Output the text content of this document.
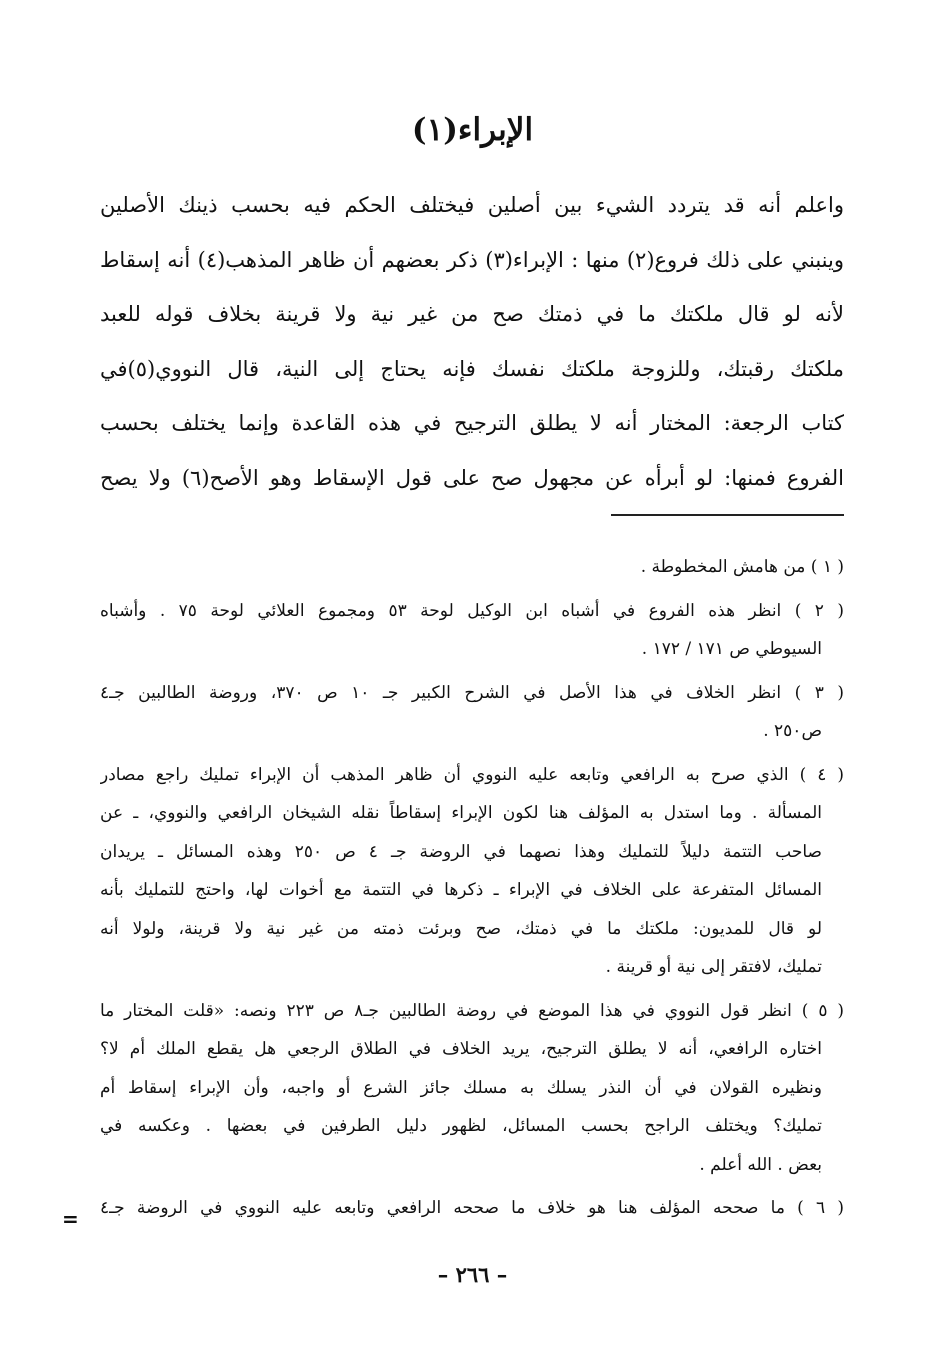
الإبراء(١)
واعلم أنه قد يتردد الشيء بين أصلين فيختلف الحكم فيه بحسب ذينك الأصلين
وينبني على ذلك فروع(٢) منها : الإبراء(٣) ذكر بعضهم أن ظاهر المذهب(٤) أنه إسقاط
لأنه لو قال ملكتك ما في ذمتك صح من غير نية ولا قرينة بخلاف قوله للعبد
ملكتك رقبتك، وللزوجة ملكتك نفسك فإنه يحتاج إلى النية، قال النووي(٥)في
كتاب الرجعة: المختار أنه لا يطلق الترجيح في هذه القاعدة وإنما يختلف بحسب
الفروع فمنها: لو أبرأه عن مجهول صح على قول الإسقاط وهو الأصح(٦) ولا يصح
( ١ ) من هامش المخطوطة .
( ٢ ) انظر هذه الفروع في أشباه ابن الوكيل لوحة ٥٣ ومجموع العلائي لوحة ٧٥ . وأشباه
السيوطي ص ١٧١ / ١٧٢ .
( ٣ ) انظر الخلاف في هذا الأصل في الشرح الكبير جـ ١٠ ص ٣٧٠، وروضة الطالبين جـ٤
ص٢٥٠ .
( ٤ ) الذي صرح به الرافعي وتابعه عليه النووي أن ظاهر المذهب أن الإبراء تمليك راجع مصادر
المسألة . وما استدل به المؤلف هنا لكون الإبراء إسقاطاً نقله الشيخان الرافعي والنووي، ـ عن
صاحب التتمة دليلاً للتمليك وهذا نصهما في الروضة جـ ٤ ص ٢٥٠ وهذه المسائل ـ يريدان
المسائل المتفرعة على الخلاف في الإبراء ـ ذكرها في التتمة مع أخوات لها، واحتج للتمليك بأنه
لو قال للمديون: ملكتك ما في ذمتك، صح وبرئت ذمته من غير نية ولا قرينة، ولولا أنه
تمليك، لافتقر إلى نية أو قرينة .
( ٥ ) انظر قول النووي في هذا الموضع في روضة الطالبين جـ٨ ص ٢٢٣ ونصه: «قلت المختار ما
اختاره الرافعي، أنه لا يطلق الترجيح، يريد الخلاف في الطلاق الرجعي هل يقطع الملك أم لا؟
ونظيره القولان في أن النذر يسلك به مسلك جائز الشرع أو واجبه، وأن الإبراء إسقاط أم
تمليك؟ ويختلف الراجح بحسب المسائل، لظهور دليل الطرفين في بعضها . وعكسه في
بعض . الله أعلم .
( ٦ ) ما صححه المؤلف هنا هو خلاف ما صححه الرافعي وتابعه عليه النووي في الروضة جـ٤
=
– ٢٦٦ –
